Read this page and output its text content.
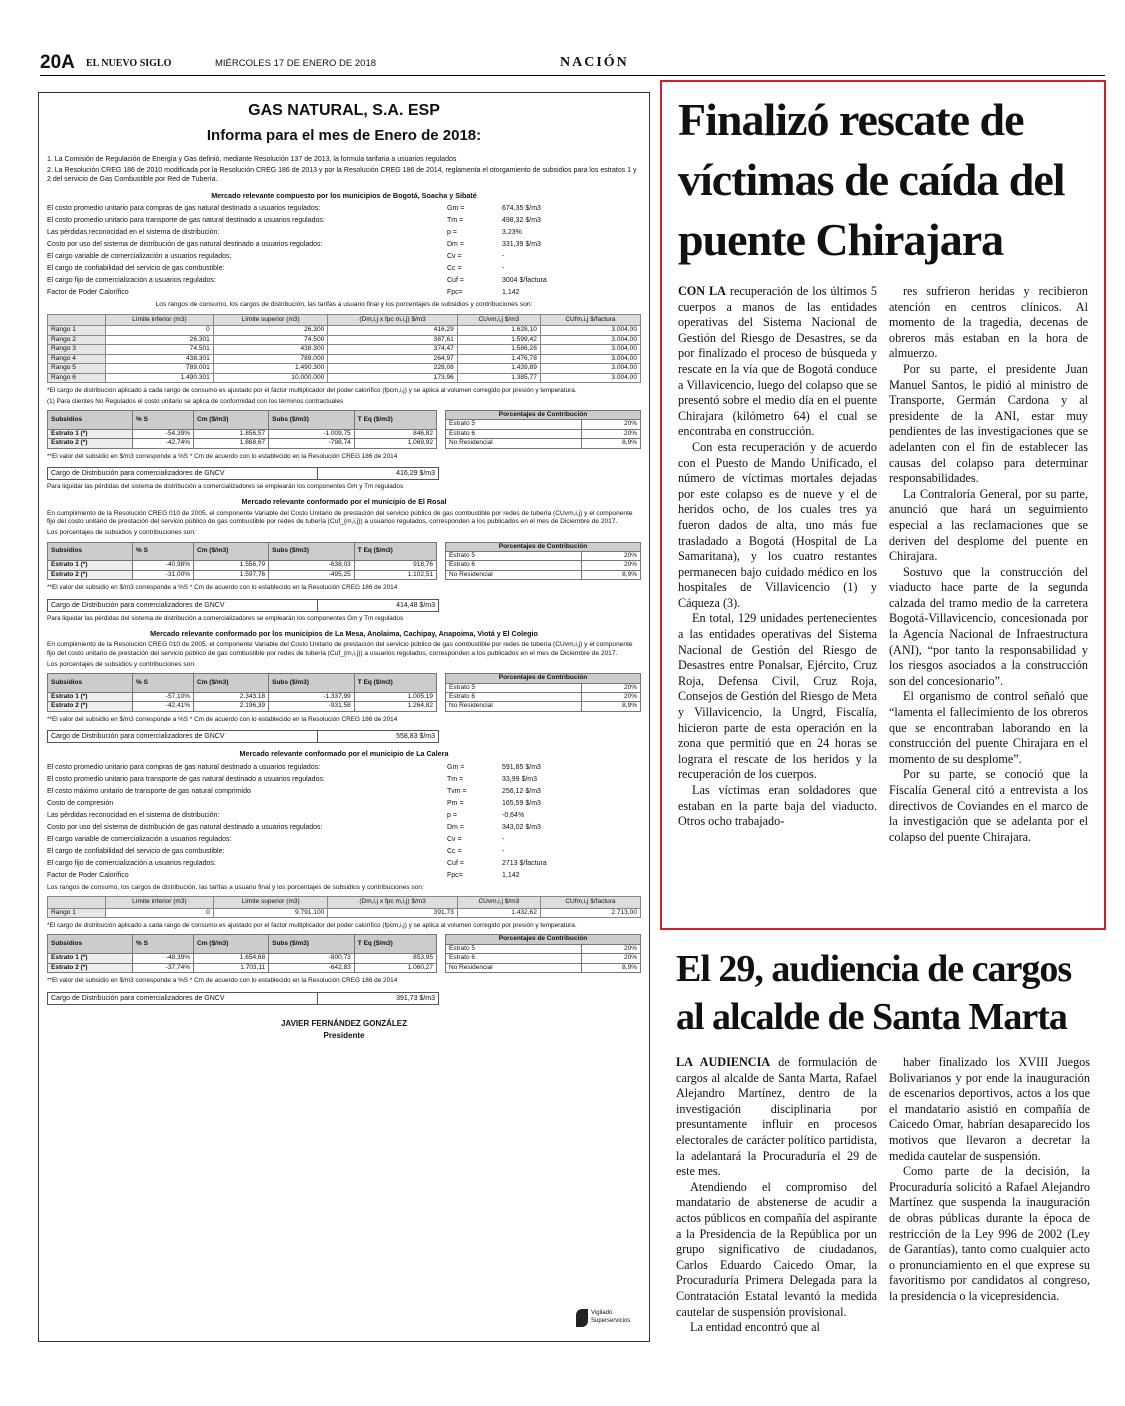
20A EL NUEVO SIGLO	MIÉRCOLES 17 DE ENERO DE 2018	NACIÓN
GAS NATURAL, S.A. ESP
Informa para el mes de Enero de 2018:

1. La Comisión de Regulación de Energía y Gas definió, mediante Resolución 137 de 2013, la formula tarifaria a usuarios regulados

2. La Resolución CREG 186 de 2010 modificada por la Resolución CREG 186 de 2013 y por la Resolución CREG 186 de 2014, reglamenta el otorgamiento de subsidios para los estratos 1 y 2 del servicio de Gas Combustible por Red de Tubería.

Mercado relevante compuesto por los municipios de Bogotá, Soacha y Sibaté
El costo promedio unitario para compras de gas natural destinado a usuarios regulados:	Gm =	674,35 $/m3
El costo promedio unitario para transporte de gas natural destinado a usuarios regulados:	Tm =	498,32 $/m3
Las pérdidas reconocidad en el sistema de distribución:	p =	3,23%
Costo por uso del sistema de distribución de gas natural destinado a usuarios regulados:	Dm =	331,39 $/m3
El cargo variable de comercialización a usuarios regulados:	Cv =	-
El cargo de confiabilidad del servicio de gas combustible:	Cc =	-
El cargo fijo de comercialización a usuarios regulados:	Cuf =	3004 $/factura
Factor de Poder Calorífico	Fpc=	1,142
Los rangos de consumo, los cargos de distribución, las tarifas a usuario final y los porcentajes de subsidios y contribuciones son:
	Límite inferior (m3)	Límite superior (m3)	(Dm,i,j x fpc m,i,j) $/m3	CUvm,i,j $/m3	CUfm,i,j $/factura
Rango 1	0	26.300	416,29	1.628,10	3.004,00
Rango 2	26.301	74.500	387,61	1.599,42	3.004,00
Rango 3	74.501	438.300	374,47	1.586,28	3.004,00
Rango 4	438.301	789.000	264,97	1.476,78	3.004,00
Rango 5	789.001	1.490.300	228,08	1.439,89	3.004,00
Rango 6	1.490.301	10.000.000	173,96	1.385,77	3.004,00
*El cargo de distribución aplicado a cada rango de consumo es ajustado por el factor multiplicador del poder calorífico (fpcm,i,j) y se aplica al volumen corregido por presión y temperatura.
(1) Para clientes No Regulados el costo unitario se aplica de conformidad con los términos contractuales
Subsidios	% S	Cm ($/m3)	Subs ($/m3)	T Eq ($/m3)
Estrato 1 (*)	-54,39%	1.856,57	-1.009,75	846,82
Estrato 2 (*)	-42,74%	1.868,67	-798,74	1.069,92
Porcentajes de Contribución	
Estrato 5	20%
Estrato 6	20%
No Residencial	8,9%
**El valor del subsidio en $/m3 corresponde a %S * Cm de acuerdo con lo establecido en la Resolución CREG 186 de 2014
Cargo de Distribución para comercializadores de GNCV	416,29 $/m3
Para liquidar las pérdidas del sistema de distribución a comercializadores se emplearán los componentes Gm y Tm regulados
Mercado relevante conformado por el municipio de El Rosal
En cumplimiento de la Resolución CREG 010 de 2005, el componente Variable del Costo Unitario de prestación del servicio público de gas combustible por redes de tubería (CUvm,i,j) y el componente fijo del costo unitario de prestación del servicio público de gas combustible por redes de tubería (Cuf_{m,i,j}) a usuarios regulados, corresponden a los publicados en el mes de Diciembre de 2017.
Los porcentajes de subsidios y contribuciones son:
Subsidios	% S	Cm ($/m3)	Subs ($/m3)	T Eq ($/m3)
Estrato 1 (*)	-40,98%	1.556,79	-638,03	918,76
Estrato 2 (*)	-31,00%	1.597,76	-495,25	1.102,51
Porcentajes de Contribución	
Estrato 5	20%
Estrato 6	20%
No Residencial	8,9%
**El valor del subsidio en $/m3 corresponde a %S * Cm de acuerdo con lo establecido en la Resolución CREG 186 de 2014
Cargo de Distribución para comercializadores de GNCV	414,48 $/m3
Para liquidar las pérdidas del sistema de distribución a comercializadores se emplearán los componentes Gm y Tm regulados
Mercado relevante conformado por los municipios de La Mesa, Anolaima, Cachipay, Anapoima, Viotá y El Colegio
En cumplimiento de la Resolución CREG 010 de 2005, el componente Variable del Costo Unitario de prestación del servicio público de gas combustible por redes de tubería (CUvm,i,j) y el componente fijo del costo unitario de prestación del servicio público de gas combustible por redes de tubería (Cuf_{m,i,j}) a usuarios regulados, corresponden a los publicados en el mes de Diciembre de 2017.
Los porcentajes de subsidios y contribuciones son:
Subsidios	% S	Cm ($/m3)	Subs ($/m3)	T Eq ($/m3)
Estrato 1 (*)	-57,10%	2.343,18	-1.337,99	1.005,19
Estrato 2 (*)	-42,41%	2.196,39	-931,58	1.264,82
Porcentajes de Contribución	
Estrato 5	20%
Estrato 6	20%
No Residencial	8,9%
**El valor del subsidio en $/m3 corresponde a %S * Cm de acuerdo con lo establecido en la Resolución CREG 186 de 2014
Cargo de Distribución para comercializadores de GNCV	558,83 $/m3
Mercado relevante conformado por el municipio de La Calera
El costo promedio unitario para compras de gas natural destinado a usuarios regulados:	Gm =	591,85 $/m3
El costo promedio unitario para transporte de gas natural destinado a usuarios regulados:	Tm =	33,99 $/m3
El costo máximo unitario de transporte de gas natural comprimido	Tvm =	256,12 $/m3
Costo de compresión	Pm =	165,59 $/m3
Las pérdidas reconocidad en el sistema de distribución:	p =	-0,64%
Costo por uso del sistema de distribución de gas natural destinado a usuarios regulados:	Dm =	343,02 $/m3
El cargo variable de comercialización a usuarios regulados:	Cv =	-
El cargo de confiabilidad del servicio de gas combustible:	Cc =	-
El cargo fijo de comercialización a usuarios regulados:	Cuf =	2713 $/factura
Factor de Poder Calorífico	Fpc=	1,142
Los rangos de consumo, los cargos de distribución, las tarifas a usuario final y los porcentajes de subsidios y contribuciones son:
	Límite inferior (m3)	Límite superior (m3)	(Dm,i,j x fpc m,i,j) $/m3	CUvm,i,j $/m3	CUfm,i,j $/factura
Rango 1	0	9.791.100	391,73	1.432,62	2.713,00
*El cargo de distribución aplicado a cada rango de consumo es ajustado por el factor multiplicador del poder calorífico (fpcm,i,j) y se aplica al volumen corregido por presión y temperatura.
Subsidios	% S	Cm ($/m3)	Subs ($/m3)	T Eq ($/m3)
Estrato 1 (*)	-48,39%	1.654,68	-800,73	853,95
Estrato 2 (*)	-37,74%	1.703,11	-642,83	1.060,27
Porcentajes de Contribución	
Estrato 5	20%
Estrato 6	20%
No Residencial	8,9%
**El valor del subsidio en $/m3 corresponde a %S * Cm de acuerdo con lo establecido en la Resolución CREG 186 de 2014
Cargo de Distribución para comercializadores de GNCV	391,73 $/m3
JAVIER FERNÁNDEZ GONZÁLEZ
Presidente
Vigilado Superservicios
Finalizó rescate de víctimas de caída del puente Chirajara

CON LA recuperación de los últimos 5 cuerpos a manos de las entidades operativas del Sistema Nacional de Gestión del Riesgo de Desastres, se da por finalizado el proceso de búsqueda y rescate en la vía que de Bogotá conduce a Villavicencio, luego del colapso que se presentó sobre el medio día en el puente Chirajara (kilómetro 64) el cual se encontraba en construcción.

Con esta recuperación y de acuerdo con el Puesto de Mando Unificado, el número de víctimas mortales dejadas por este colapso es de nueve y el de heridos ocho, de los cuales tres ya fueron dados de alta, uno más fue trasladado a Bogotá (Hospital de La Samaritana), y los cuatro restantes permanecen bajo cuidado médico en los hospitales de Villavicencio (1) y Cáqueza (3).

En total, 129 unidades pertenecientes a las entidades operativas del Sistema Nacional de Gestión del Riesgo de Desastres entre Ponalsar, Ejército, Cruz Roja, Defensa Civil, Cruz Roja, Consejos de Gestión del Riesgo de Meta y Villavicencio, la Ungrd, Fiscalía, hicieron parte de esta operación en la zona que permitió que en 24 horas se lograra el rescate de los heridos y la recuperación de los cuerpos.

Las víctimas eran soldadores que estaban en la parte baja del viaducto. Otros ocho trabajado-

res sufrieron heridas y recibieron atención en centros clínicos. Al momento de la tragedia, decenas de obreros más estaban en la hora de almuerzo.

Por su parte, el presidente Juan Manuel Santos, le pidió al ministro de Transporte, Germán Cardona y al presidente de la ANI, estar muy pendientes de las investigaciones que se adelanten con el fin de establecer las causas del colapso para determinar responsabilidades.

La Contraloría General, por su parte, anunció que hará un seguimiento especial a las reclamaciones que se deriven del desplome del puente en Chirajara.

Sostuvo que la construcción del viaducto hace parte de la segunda calzada del tramo medio de la carretera Bogotá-Villavicencio, concesionada por la Agencia Nacional de Infraestructura (ANI), “por tanto la responsabilidad y los riesgos asociados a la construcción son del concesionario”.

El organismo de control señaló que “lamenta el fallecimiento de los obreros que se encontraban laborando en la construcción del puente Chirajara en el momento de su desplome”.

Por su parte, se conoció que la Fiscalía General citó a entrevista a los directivos de Coviandes en el marco de la investigación que se adelanta por el colapso del puente Chirajara.

El 29, audiencia de cargos al alcalde de Santa Marta

LA AUDIENCIA de formulación de cargos al alcalde de Santa Marta, Rafael Alejandro Martínez, dentro de la investigación disciplinaria por presuntamente influir en procesos electorales de carácter político partidista, la adelantará la Procuraduría el 29 de este mes.

Atendiendo el compromiso del mandatario de abstenerse de acudir a actos públicos en compañía del aspirante a la Presidencia de la República por un grupo significativo de ciudadanos, Carlos Eduardo Caicedo Omar, la Procuraduría Primera Delegada para la Contratación Estatal levantó la medida cautelar de suspensión provisional.

La entidad encontró que al

haber finalizado los XVIII Juegos Bolivarianos y por ende la inauguración de escenarios deportivos, actos a los que el mandatario asistió en compañía de Caicedo Omar, habrían desaparecido los motivos que llevaron a decretar la medida cautelar de suspensión.

Como parte de la decisión, la Procuraduría solicitó a Rafael Alejandro Martínez que suspenda la inauguración de obras públicas durante la época de restricción de la Ley 996 de 2002 (Ley de Garantías), tanto como cualquier acto o pronunciamiento en el que exprese su favoritismo por candidatos al congreso, la presidencia o la vicepresidencia.
